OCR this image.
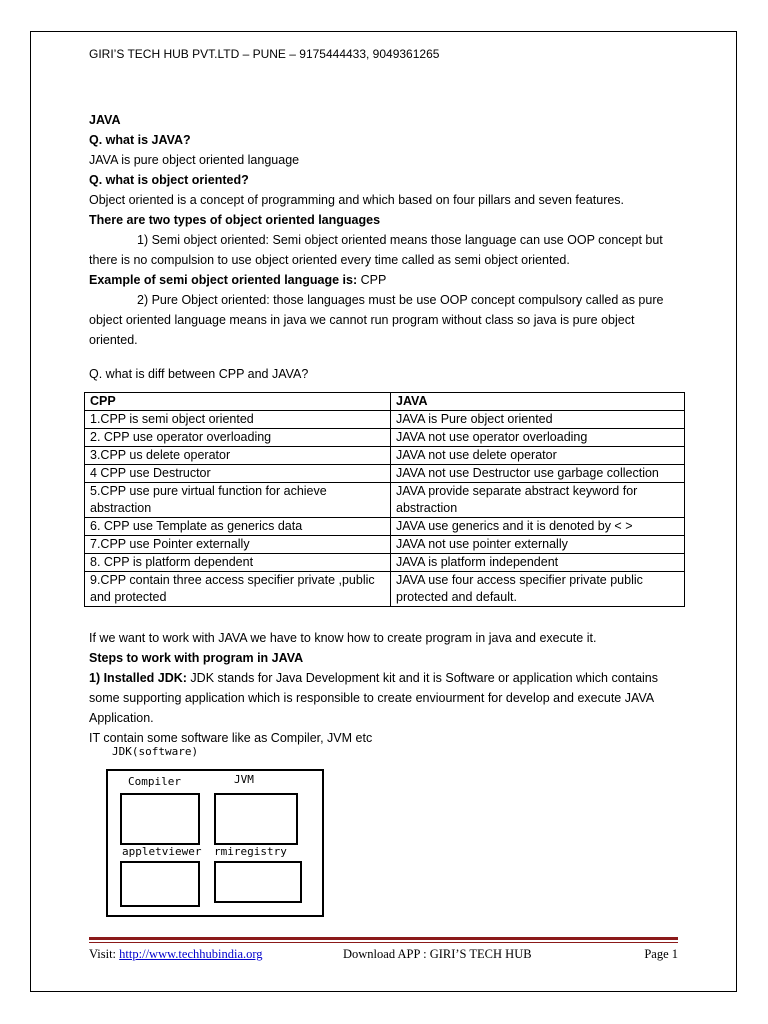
GIRI’S TECH HUB PVT.LTD – PUNE – 9175444433, 9049361265

JAVA

Q. what is JAVA?

JAVA is pure object oriented language

Q. what is object oriented?

Object oriented is a concept of programming and which based on four pillars and seven features.

There are two types of object oriented languages

1) Semi object oriented: Semi object oriented means those language can use OOP concept but

there is no compulsion to use object oriented every time called as semi object oriented.

Example of semi object oriented language is: CPP

2) Pure Object oriented: those languages must be use OOP concept compulsory called as pure

object oriented language means in java we cannot run program without class so java is pure object

oriented.

Q. what is diff between CPP and JAVA?

CPP	JAVA
1.CPP is semi object oriented	JAVA is Pure object oriented
2. CPP use operator overloading	JAVA not use operator overloading
3.CPP us delete operator	JAVA not use delete operator
4 CPP use Destructor	JAVA not use Destructor use garbage collection
5.CPP use pure virtual function for achieve abstraction	JAVA provide separate abstract keyword for abstraction
6. CPP use Template as generics data	JAVA use generics and it is denoted by < >
7.CPP use Pointer externally	JAVA not use pointer externally
8. CPP is platform dependent	JAVA is platform independent
9.CPP contain three access specifier private ,public and protected	JAVA use four access specifier private public protected and default.

If we want to work with JAVA we have to know how to create program in java and execute it.

Steps to work with program in JAVA

1) Installed JDK: JDK stands for Java Development kit and it is Software or application which contains some supporting application which is responsible to create enviourment for develop and execute JAVA Application.

IT contain some software like as Compiler, JVM etc

JDK(software)
Compiler	JVM
appletviewer rmiregistry
Visit: http://www.techhubindia.org	Download APP : GIRI’S TECH HUB	Page 1
